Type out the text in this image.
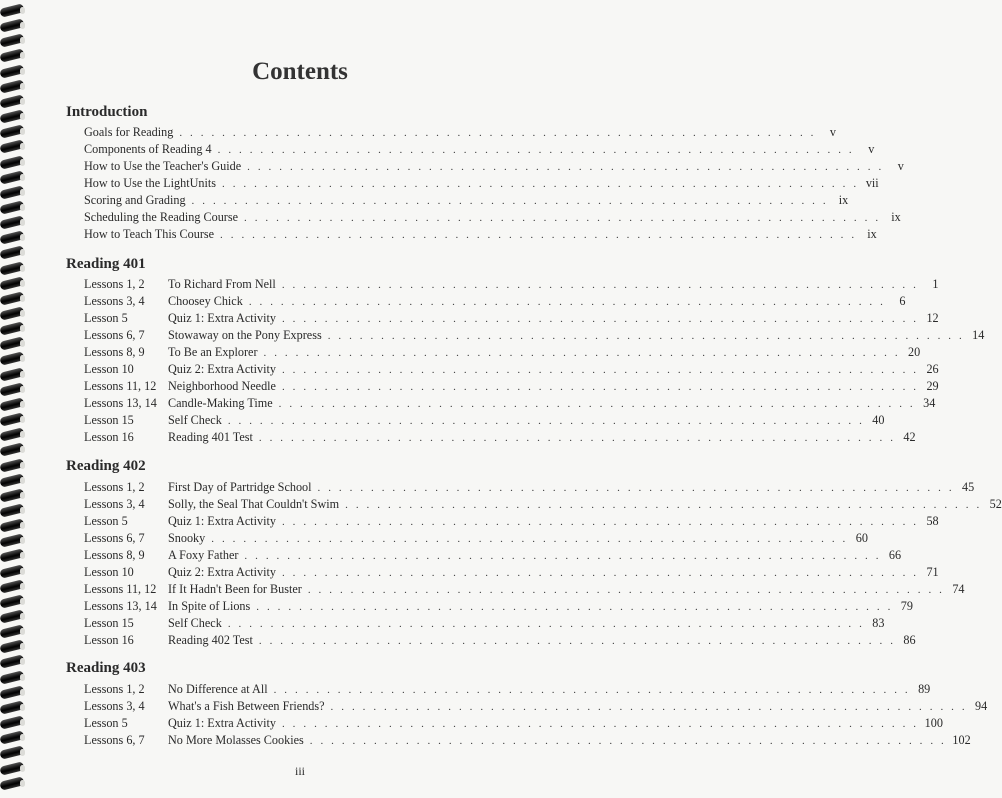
Contents
Introduction
Goals for Reading . . . . . . . . . . . . . . . . . . . . . . . . . . . . . . . . . . . . . . . . . . . . . . . . . . . . . . . . . . . .	v
Components of Reading 4 . . . . . . . . . . . . . . . . . . . . . . . . . . . . . . . . . . . . . . . . . . . . . . . . . . . . . . . . . . . .	v
How to Use the Teacher's Guide . . . . . . . . . . . . . . . . . . . . . . . . . . . . . . . . . . . . . . . . . . . . . . . . . . . . . . . . . . . .	v
How to Use the LightUnits . . . . . . . . . . . . . . . . . . . . . . . . . . . . . . . . . . . . . . . . . . . . . . . . . . . . . . . . . . . . vii
Scoring and Grading . . . . . . . . . . . . . . . . . . . . . . . . . . . . . . . . . . . . . . . . . . . . . . . . . . . . . . . . . . . . ix
Scheduling the Reading Course . . . . . . . . . . . . . . . . . . . . . . . . . . . . . . . . . . . . . . . . . . . . . . . . . . . . . . . . . . . . ix
How to Teach This Course . . . . . . . . . . . . . . . . . . . . . . . . . . . . . . . . . . . . . . . . . . . . . . . . . . . . . . . . . . . . ix
Reading 401
Lessons 1, 2	To Richard From Nell . . . . . . . . . . . . . . . . . . . . . . . . . . . . . . . . . . . . . . . . . . . . . . . . . . . . . . . . . . . .	1
Lessons 3, 4	Choosey Chick . . . . . . . . . . . . . . . . . . . . . . . . . . . . . . . . . . . . . . . . . . . . . . . . . . . . . . . . . . . .	6
Lesson 5	Quiz 1: Extra Activity . . . . . . . . . . . . . . . . . . . . . . . . . . . . . . . . . . . . . . . . . . . . . . . . . . . . . . . . . . . . 12
Lessons 6, 7	Stowaway on the Pony Express . . . . . . . . . . . . . . . . . . . . . . . . . . . . . . . . . . . . . . . . . . . . . . . . . . . . . . . . . . . . 14
Lessons 8, 9	To Be an Explorer . . . . . . . . . . . . . . . . . . . . . . . . . . . . . . . . . . . . . . . . . . . . . . . . . . . . . . . . . . . . 20
Lesson 10	Quiz 2: Extra Activity . . . . . . . . . . . . . . . . . . . . . . . . . . . . . . . . . . . . . . . . . . . . . . . . . . . . . . . . . . . . 26
Lessons 11, 12 Neighborhood Needle . . . . . . . . . . . . . . . . . . . . . . . . . . . . . . . . . . . . . . . . . . . . . . . . . . . . . . . . . . . . 29
Lessons 13, 14 Candle-Making Time . . . . . . . . . . . . . . . . . . . . . . . . . . . . . . . . . . . . . . . . . . . . . . . . . . . . . . . . . . . . 34
Lesson 15	Self Check . . . . . . . . . . . . . . . . . . . . . . . . . . . . . . . . . . . . . . . . . . . . . . . . . . . . . . . . . . . . 40
Lesson 16	Reading 401 Test . . . . . . . . . . . . . . . . . . . . . . . . . . . . . . . . . . . . . . . . . . . . . . . . . . . . . . . . . . . . 42
Reading 402
Lessons 1, 2	First Day of Partridge School . . . . . . . . . . . . . . . . . . . . . . . . . . . . . . . . . . . . . . . . . . . . . . . . . . . . . . . . . . . . 45
Lessons 3, 4	Solly, the Seal That Couldn't Swim . . . . . . . . . . . . . . . . . . . . . . . . . . . . . . . . . . . . . . . . . . . . . . . . . . . . . . . . . . . . 52
Lesson 5	Quiz 1: Extra Activity . . . . . . . . . . . . . . . . . . . . . . . . . . . . . . . . . . . . . . . . . . . . . . . . . . . . . . . . . . . . 58
Lessons 6, 7	Snooky . . . . . . . . . . . . . . . . . . . . . . . . . . . . . . . . . . . . . . . . . . . . . . . . . . . . . . . . . . . . 60
Lessons 8, 9	A Foxy Father . . . . . . . . . . . . . . . . . . . . . . . . . . . . . . . . . . . . . . . . . . . . . . . . . . . . . . . . . . . . 66
Lesson 10	Quiz 2: Extra Activity . . . . . . . . . . . . . . . . . . . . . . . . . . . . . . . . . . . . . . . . . . . . . . . . . . . . . . . . . . . . 71
Lessons 11, 12 If It Hadn't Been for Buster . . . . . . . . . . . . . . . . . . . . . . . . . . . . . . . . . . . . . . . . . . . . . . . . . . . . . . . . . . . . 74
Lessons 13, 14 In Spite of Lions . . . . . . . . . . . . . . . . . . . . . . . . . . . . . . . . . . . . . . . . . . . . . . . . . . . . . . . . . . . . 79
Lesson 15	Self Check . . . . . . . . . . . . . . . . . . . . . . . . . . . . . . . . . . . . . . . . . . . . . . . . . . . . . . . . . . . . 83
Lesson 16	Reading 402 Test . . . . . . . . . . . . . . . . . . . . . . . . . . . . . . . . . . . . . . . . . . . . . . . . . . . . . . . . . . . . 86
Reading 403
Lessons 1, 2	No Difference at All . . . . . . . . . . . . . . . . . . . . . . . . . . . . . . . . . . . . . . . . . . . . . . . . . . . . . . . . . . . . 89
Lessons 3, 4	What's a Fish Between Friends? . . . . . . . . . . . . . . . . . . . . . . . . . . . . . . . . . . . . . . . . . . . . . . . . . . . . . . . . . . . . 94
Lesson 5	Quiz 1: Extra Activity . . . . . . . . . . . . . . . . . . . . . . . . . . . . . . . . . . . . . . . . . . . . . . . . . . . . . . . . . . . . 100
Lessons 6, 7	No More Molasses Cookies . . . . . . . . . . . . . . . . . . . . . . . . . . . . . . . . . . . . . . . . . . . . . . . . . . . . . . . . . . . . 102
iii
